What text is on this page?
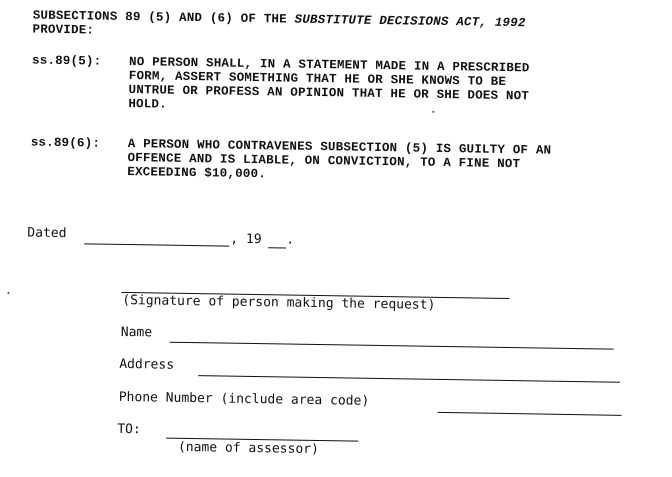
SUBSECTIONS 89 (5) AND (6) OF THE SUBSTITUTE DECISIONS ACT, 1992
PROVIDE:
ss.89(5): NO PERSON SHALL, IN A STATEMENT MADE IN A PRESCRIBED
FORM, ASSERT SOMETHING THAT HE OR SHE KNOWS TO BE
UNTRUE OR PROFESS AN OPINION THAT HE OR SHE DOES NOT
HOLD.
ss.89(6): A PERSON WHO CONTRAVENES SUBSECTION (5) IS GUILTY OF AN
OFFENCE AND IS LIABLE, ON CONVICTION, TO A FINE NOT
EXCEEDING $10,000.
Dated	, 19 .
(Signature of person making the request)
Name
Address
Phone Number (include area code)
TO:
(name of assessor)
